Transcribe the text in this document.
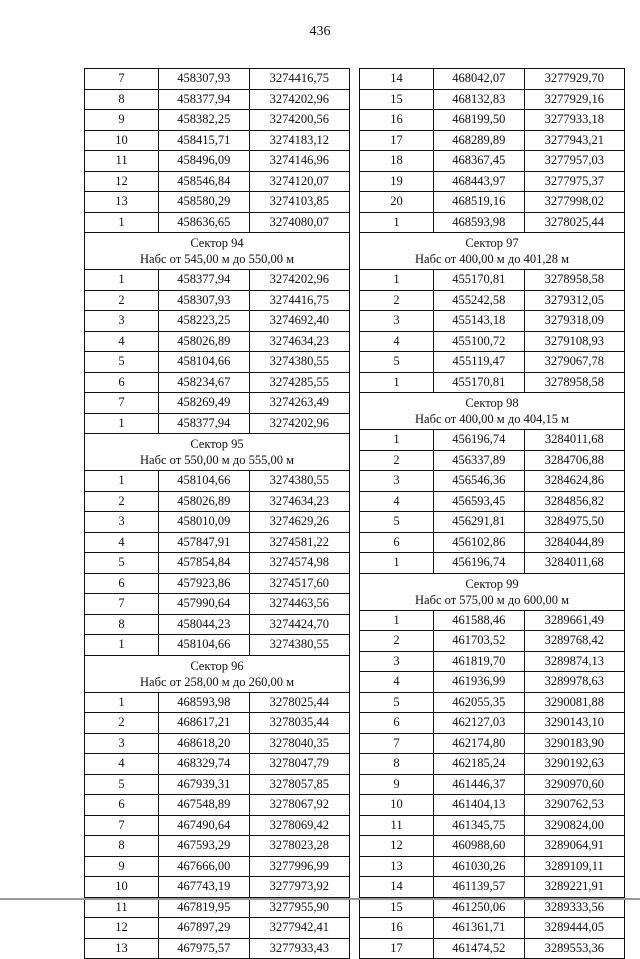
436
7	458307,93	3274416,75
8	458377,94	3274202,96
9	458382,25	3274200,56
10	458415,71	3274183,12
11	458496,09	3274146,96
12	458546,84	3274120,07
13	458580,29	3274103,85
1	458636,65	3274080,07

Сектор 94
Набс от 545,00 м до 550,00 м		

1	458377,94	3274202,96
2	458307,93	3274416,75
3	458223,25	3274692,40
4	458026,89	3274634,23
5	458104,66	3274380,55
6	458234,67	3274285,55
7	458269,49	3274263,49
1	458377,94	3274202,96

Сектор 95
Набс от 550,00 м до 555,00 м		

1	458104,66	3274380,55
2	458026,89	3274634,23
3	458010,09	3274629,26
4	457847,91	3274581,22
5	457854,84	3274574,98
6	457923,86	3274517,60
7	457990,64	3274463,56
8	458044,23	3274424,70
1	458104,66	3274380,55

Сектор 96
Набс от 258,00 м до 260,00 м		

1	468593,98	3278025,44
2	468617,21	3278035,44
3	468618,20	3278040,35
4	468329,74	3278047,79
5	467939,31	3278057,85
6	467548,89	3278067,92
7	467490,64	3278069,42
8	467593,29	3278023,28
9	467666,00	3277996,99
10	467743,19	3277973,92
11	467819,95	3277955,90
12	467897,29	3277942,41
13	467975,57	3277933,43
14	468042,07	3277929,70
15	468132,83	3277929,16
16	468199,50	3277933,18
17	468289,89	3277943,21
18	468367,45	3277957,03
19	468443,97	3277975,37
20	468519,16	3277998,02
1	468593,98	3278025,44

Сектор 97
Набс от 400,00 м до 401,28 м		

1	455170,81	3278958,58
2	455242,58	3279312,05
3	455143,18	3279318,09
4	455100,72	3279108,93
5	455119,47	3279067,78
1	455170,81	3278958,58

Сектор 98
Набс от 400,00 м до 404,15 м		

1	456196,74	3284011,68
2	456337,89	3284706,88
3	456546,36	3284624,86
4	456593,45	3284856,82
5	456291,81	3284975,50
6	456102,86	3284044,89
1	456196,74	3284011,68

Сектор 99
Набс от 575,00 м до 600,00 м		

1	461588,46	3289661,49
2	461703,52	3289768,42
3	461819,70	3289874,13
4	461936,99	3289978,63
5	462055,35	3290081,88
6	462127,03	3290143,10
7	462174,80	3290183,90
8	462185,24	3290192,63
9	461446,37	3290970,60
10	461404,13	3290762,53
11	461345,75	3290824,00
12	460988,60	3289064,91
13	461030,26	3289109,11
14	461139,57	3289221,91
15	461250,06	3289333,56
16	461361,71	3289444,05
17	461474,52	3289553,36
